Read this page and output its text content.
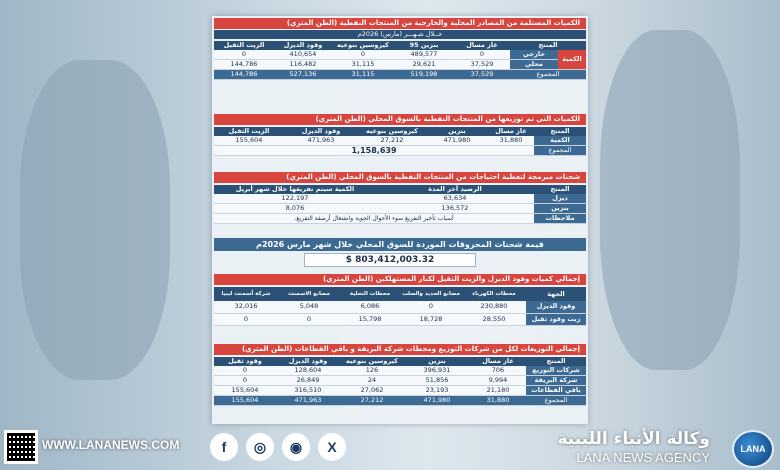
الكميات المستلمة من المصادر المحلية والخارجية من المنتجات النفطية (الطن المتري)
خــلال شـهـــر (مارس) 2026م
المنتج		غاز مسال	بنزين 95	كيروسين بنوعيه	وقود الديزل	الزيت الثقيل
الكمية	خارجي	0	489,577	0	410,654	0
	محلي	37,529	29,621	31,115	116,482	144,786
المجموع		37,529	519,198	31,115	527,136	144,786
الكميات التي تم توزيعها من المنتجات النفطية بالسوق المحلي (الطن المتري)
المنتج	غاز مسال	بنزين	كيروسين بنوعيه	وقود الديزل	الزيت الثقيل
الكمية	31,880	471,980	27,212	471,963	155,604
المجموع	1,158,639				
شحنات مبرمجة لتغطية احتياجات من المنتجات النفطية بالسوق المحلي (الطن المتري)
المنتج	الرصيد آخر المدة	الكمية سيتم تفريغها خلال شهر أبريل
ديزل	63,634	122,197
بنزين	136,572	8,076
ملاحظات	أسباب تأخير التفريغ سوء الأحوال الجوية وانشغال أرصفة التفريغ.	
قيمة شحنات المحروقات الموردة للسوق المحلي خلال شهر مارس 2026م
$ 803,412,003.32
إجمالي كميات وقود الديزل والزيت الثقيل لكبار المستهلكين (الطن المتري)
الجهة	محطات الكهرباء	مصانع الحديد والصلب	محطات التحلية	مصانع الاسمنت	شركة أسمنت ليبيا
وقود الديزل	230,880	0	6,086	5,048	32,016
زيت وقود ثقيل	28,550	18,728	15,798	0	0
إجمالي التوزيعات لكل من شركات التوزيع ومحطات شركة البريقة و باقي القطاعات (الطن المتري)
المنتج	غاز مسال	بنزين	كيروسين بنوعيه	وقود الديزل	وقود ثقيل
شركات التوزيع	706	396,931	126	128,604	0
شركة البريقة	9,994	51,856	24	26,849	0
باقي القطاعات	21,180	23,193	27,062	316,510	155,604
المجموع	31,880	471,980	27,212	471,963	155,604
WWW.LANANEWS.COM	f	◎	◉	X	وكالة الأنباء الليبية
LANA NEWS AGENCY
LANA
